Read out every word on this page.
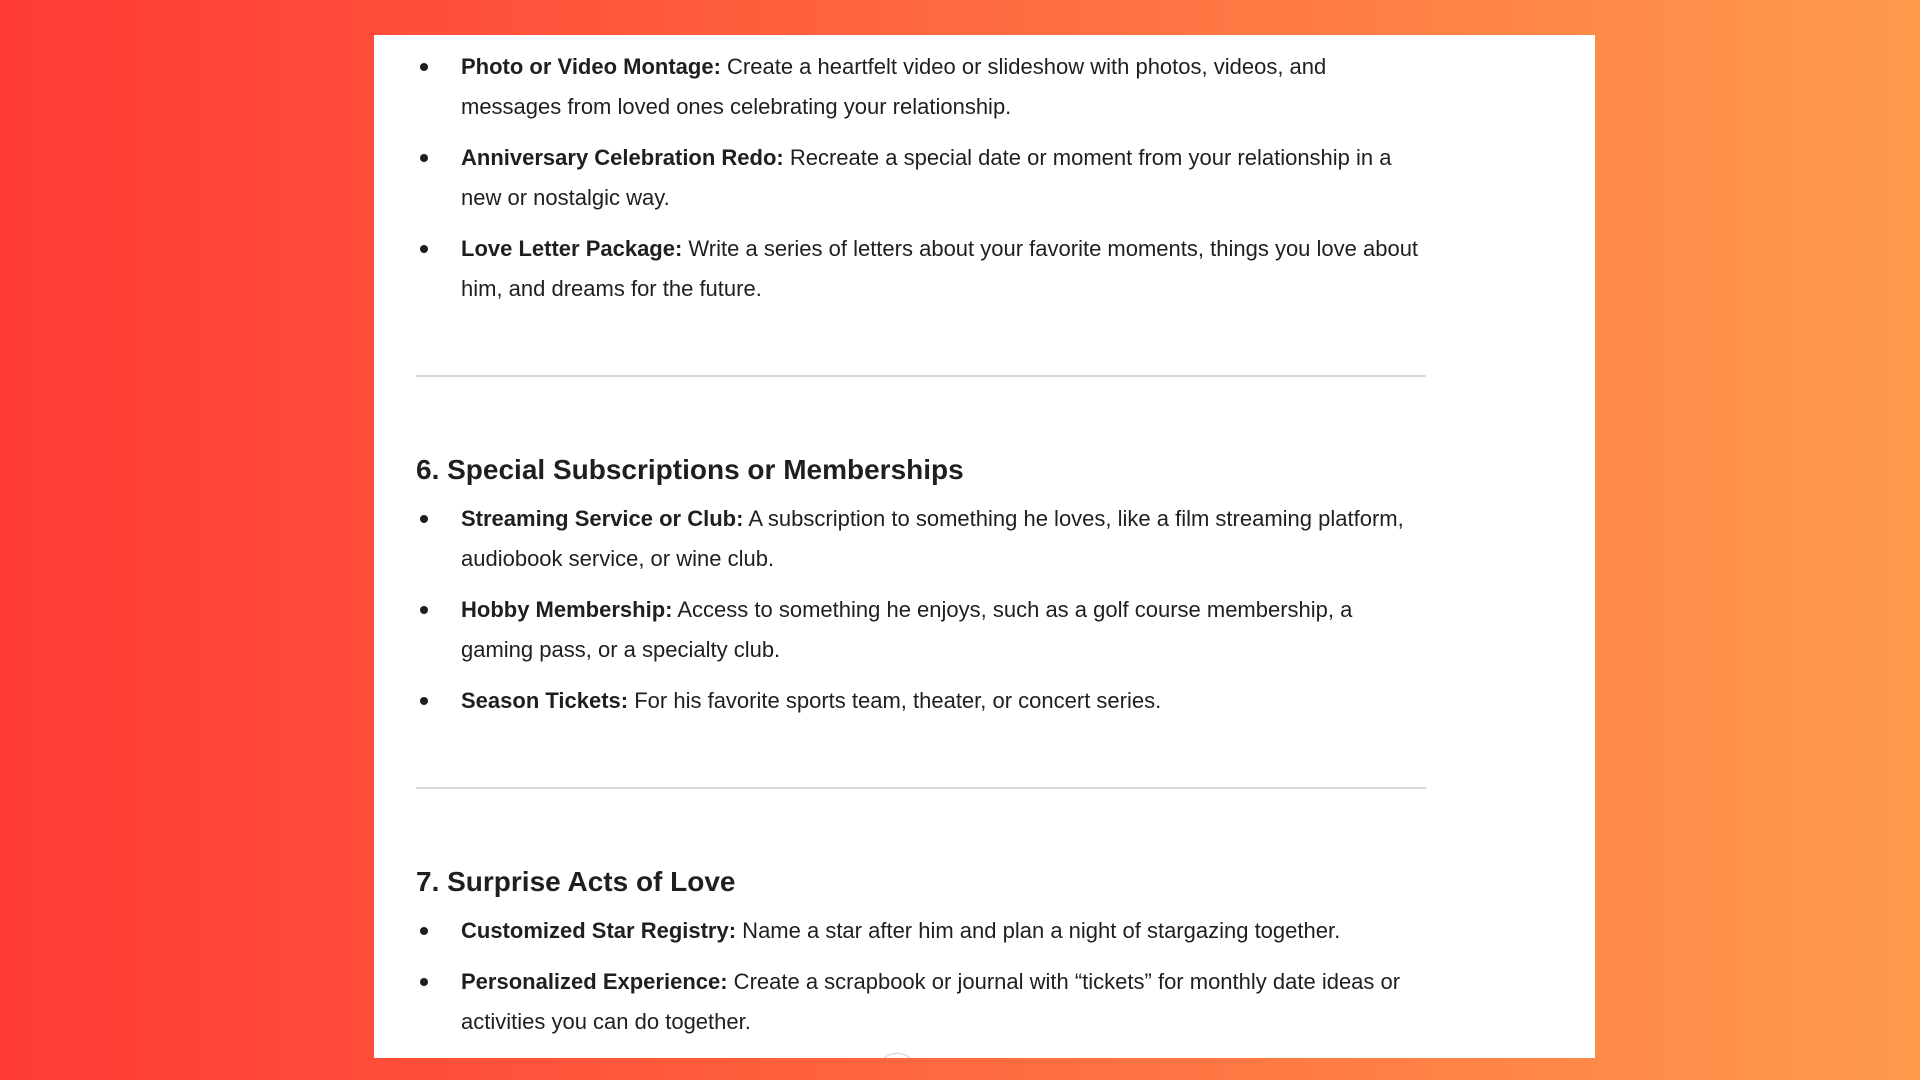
Photo or Video Montage: Create a heartfelt video or slideshow with photos, videos, and messages from loved ones celebrating your relationship.
Anniversary Celebration Redo: Recreate a special date or moment from your relationship in a new or nostalgic way.
Love Letter Package: Write a series of letters about your favorite moments, things you love about him, and dreams for the future.
6. Special Subscriptions or Memberships
Streaming Service or Club: A subscription to something he loves, like a film streaming platform, audiobook service, or wine club.
Hobby Membership: Access to something he enjoys, such as a golf course membership, a gaming pass, or a specialty club.
Season Tickets: For his favorite sports team, theater, or concert series.
7. Surprise Acts of Love
Customized Star Registry: Name a star after him and plan a night of stargazing together.
Personalized Experience: Create a scrapbook or journal with “tickets” for monthly date ideas or activities you can do together.
